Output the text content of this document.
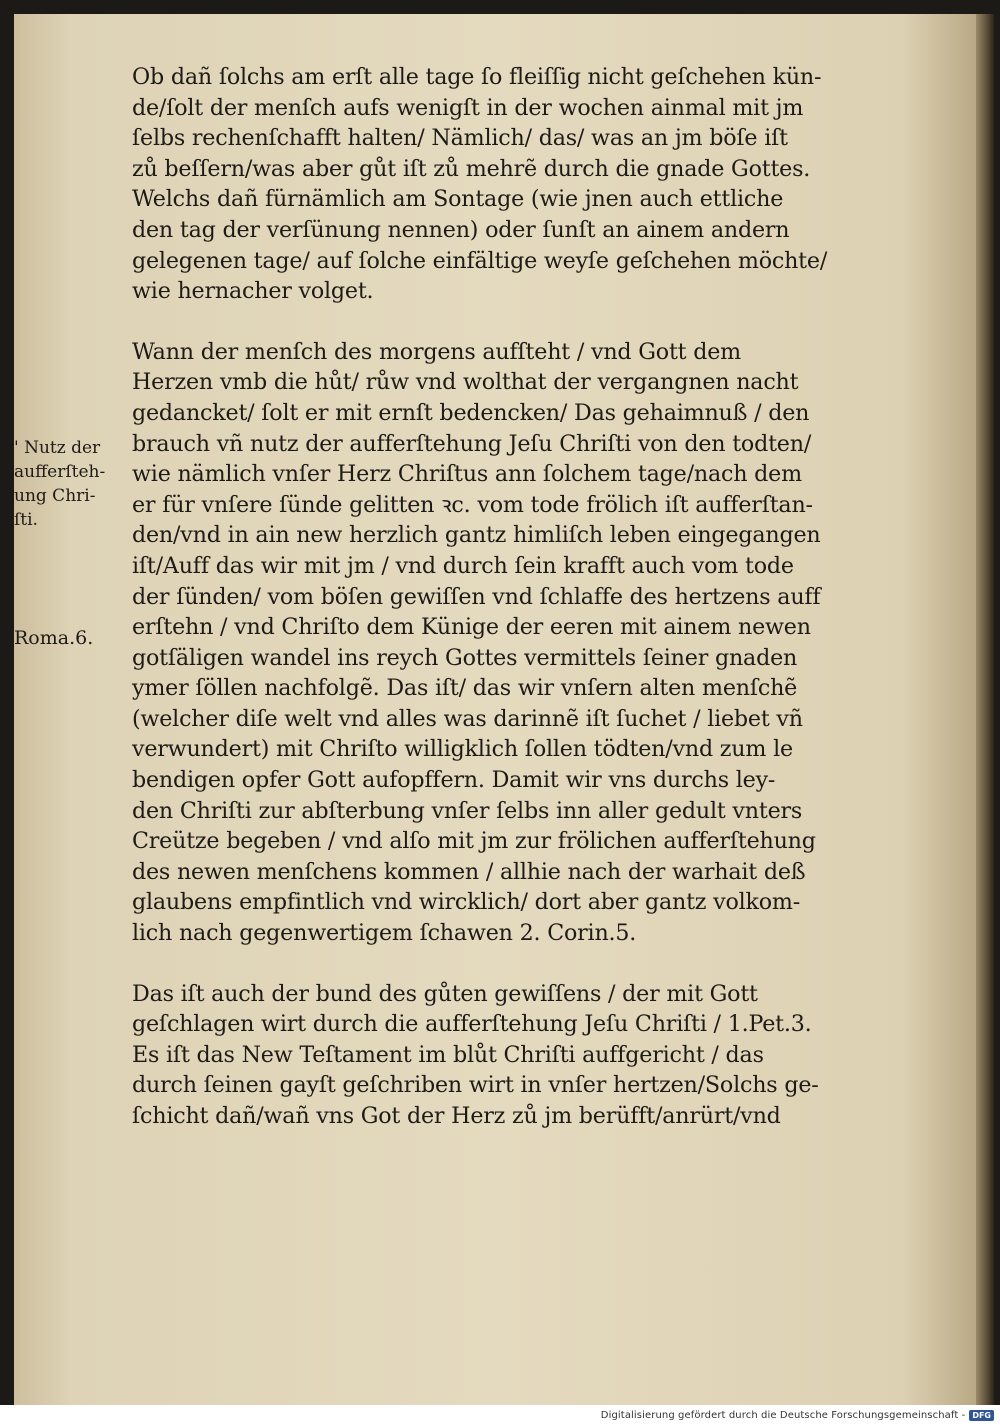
Ob dañ ſolchs am erſt alle tage ſo fleiſſig nicht geſchehen kün-
de/ſolt der menſch aufs wenigſt in der wochen ainmal mit jm
ſelbs rechenſchafft halten/ Nämlich/ das/ was an jm böſe iſt
zů beſſern/was aber gůt iſt zů mehrẽ durch die gnade Gottes.
Welchs dañ fürnämlich am Sontage (wie jnen auch ettliche
den tag der verſünung nennen) oder ſunſt an ainem andern
gelegenen tage/ auf ſolche einfältige weyſe geſchehen möchte/
wie hernacher volget.
Wann der menſch des morgens aufſteht / vnd Gott dem
Herzen vmb die hůt/ růw vnd wolthat der vergangnen nacht
gedancket/ ſolt er mit ernſt bedencken/ Das gehaimnuß / den
brauch vñ nutz der aufferſtehung Jeſu Chriſti von den todten/
wie nämlich vnſer Herz Chriſtus ann ſolchem tage/nach dem
er für vnſere ſünde gelitten ꝛc. vom tode frölich iſt aufferſtan-
den/vnd in ain new herzlich gantz himliſch leben eingegangen
iſt/Auff das wir mit jm / vnd durch ſein krafft auch vom tode
der ſünden/ vom böſen gewiſſen vnd ſchlaffe des hertzens auff
erſtehn / vnd Chriſto dem Künige der eeren mit ainem newen
gotſäligen wandel ins reych Gottes vermittels ſeiner gnaden
ymer ſöllen nachfolgẽ. Das iſt/ das wir vnſern alten menſchẽ
(welcher diſe welt vnd alles was darinnẽ iſt ſuchet / liebet vñ
verwundert) mit Chriſto willigklich ſollen tödten/vnd zum le
bendigen opfer Gott aufopffern. Damit wir vns durchs ley-
den Chriſti zur abſterbung vnſer ſelbs inn aller gedult vnters
Creütze begeben / vnd alſo mit jm zur frölichen aufferſtehung
des newen menſchens kommen / allhie nach der warhait deß
glaubens empfintlich vnd wircklich/ dort aber gantz volkom-
lich nach gegenwertigem ſchawen 2. Corin.5.
Das iſt auch der bund des gůten gewiſſens / der mit Gott
geſchlagen wirt durch die aufferſtehung Jeſu Chriſti / 1.Pet.3.
Es iſt das New Teſtament im blůt Chriſti auffgericht / das
durch ſeinen gayſt geſchriben wirt in vnſer hertzen/Solchs ge-
ſchicht dañ/wañ vns Got der Herz zů jm berüfft/anrürt/vnd
' Nutz der
aufferſteh-
ung Chri-
ſti.
Roma.6.
Digitalisierung gefördert durch die Deutsche Forschungsgemeinschaft - DFG
